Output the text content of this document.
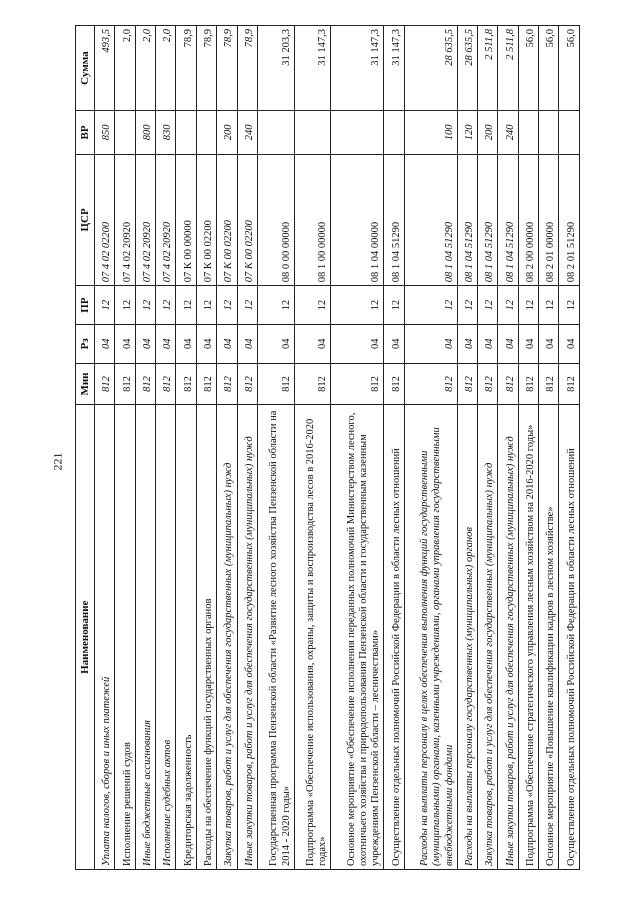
221
Наименование	Мин	Рз	ПР	ЦСР	ВР	Сумма
Уплата налогов, сборов и иных платежей	812	04	12	07 4 02 02200	850	493,5
Исполнение решений судов	812	04	12	07 4 02 20920		2,0
Иные бюджетные ассигнования	812	04	12	07 4 02 20920	800	2,0
Исполнение судебных актов	812	04	12	07 4 02 20920	830	2,0
Кредиторская задолженность	812	04	12	07 К 00 00000		78,9
Расходы на обеспечение функций государственных органов	812	04	12	07 К 00 02200		78,9
Закупка товаров, работ и услуг для обеспечения государственных (муниципальных) нужд	812	04	12	07 К 00 02200	200	78,9
Иные закупки товаров, работ и услуг для обеспечения государственных (муниципальных) нужд	812	04	12	07 К 00 02200	240	78,9
Государственная программа Пензенской области «Развитие лесного хозяйства Пензенской области на 2014 - 2020 годы»	812	04	12	08 0 00 00000		31 203,3
Подпрограмма «Обеспечение использования, охраны, защиты и воспроизводства лесов в 2016-2020 годах»	812	04	12	08 1 00 00000		31 147,3
Основное мероприятие «Обеспечение исполнения переданных полномочий Министерством лесного, охотничьего хозяйства и природопользования Пензенской области и государственным казенным учреждениям Пензенской области – лесничествами»	812	04	12	08 1 04 00000		31 147,3
Осуществление отдельных полномочий Российской Федерации в области лесных отношений	812	04	12	08 1 04 51290		31 147,3
Расходы на выплаты персоналу в целях обеспечения выполнения функций государственными (муниципальными) органами, казенными учреждениями, органами управления государственными внебюджетными фондами	812	04	12	08 1 04 51290	100	28 635,5
Расходы на выплаты персоналу государственных (муниципальных) органов	812	04	12	08 1 04 51290	120	28 635,5
Закупка товаров, работ и услуг для обеспечения государственных (муниципальных) нужд	812	04	12	08 1 04 51290	200	2 511,8
Иные закупки товаров, работ и услуг для обеспечения государственных (муниципальных) нужд	812	04	12	08 1 04 51290	240	2 511,8
Подпрограмма «Обеспечение стратегического управления лесным хозяйством на 2016-2020 годы»	812	04	12	08 2 00 00000		56,0
Основное мероприятие «Повышение квалификации кадров в лесном хозяйстве»	812	04	12	08 2 01 00000		56,0
Осуществление отдельных полномочий Российской Федерации в области лесных отношений	812	04	12	08 2 01 51290		56,0
